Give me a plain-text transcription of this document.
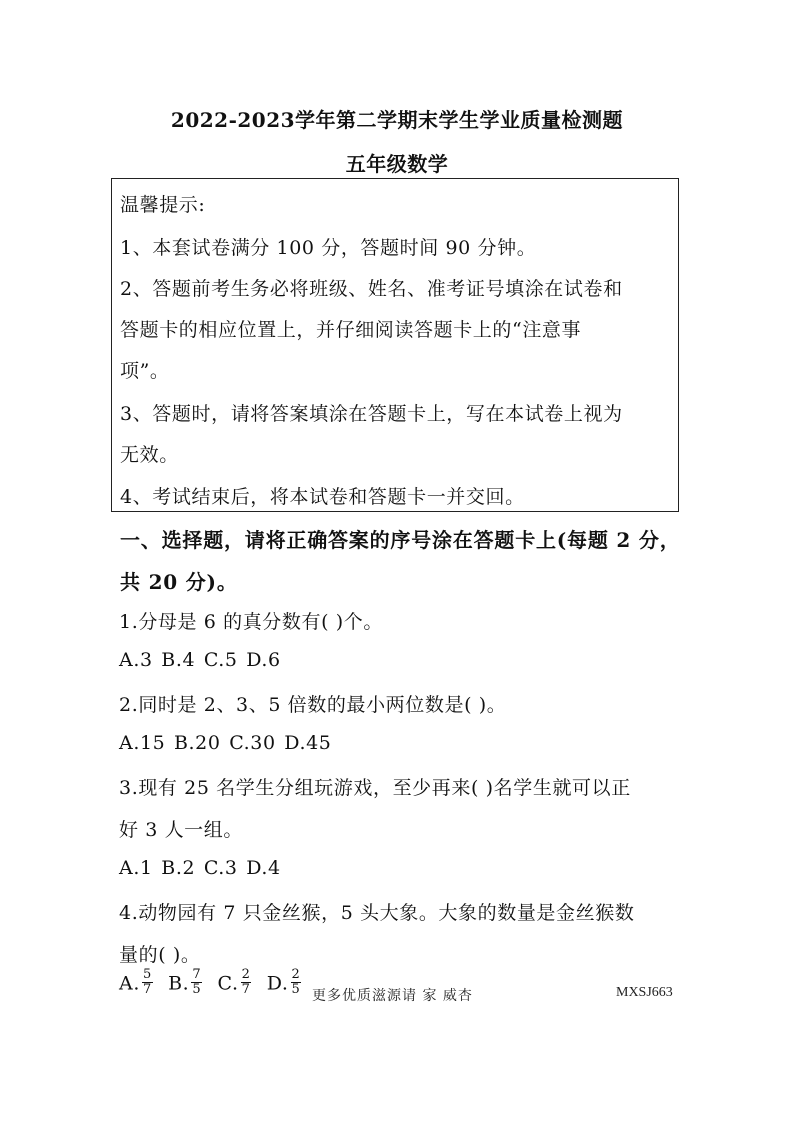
2022-2023学年第二学期末学生学业质量检测题
五年级数学
温馨提示:
1、本套试卷满分 100 分，答题时间 90 分钟。
2、答题前考生务必将班级、姓名、准考证号填涂在试卷和
答题卡的相应位置上，并仔细阅读答题卡上的“注意事
项”。
3、答题时，请将答案填涂在答题卡上，写在本试卷上视为
无效。
4、考试结束后，将本试卷和答题卡一并交回。
一、选择题，请将正确答案的序号涂在答题卡上(每题 2 分，
共 20 分)。
1.分母是 6 的真分数有( )个。
A.3 B.4 C.5 D.6
2.同时是 2、3、5 倍数的最小两位数是( )。
A.15 B.20 C.30 D.45
3.现有 25 名学生分组玩游戏，至少再来( )名学生就可以正
好 3 人一组。
A.1 B.2 C.3 D.4
4.动物园有 7 只金丝猴，5 头大象。大象的数量是金丝猴数
量的( )。
A. $\frac{5}{7} B$. $\frac{7}{5} C$. $\frac{2}{7} D$. $\frac{2}{5}$ 更多优质滋源请 家 威杏	MXSJ663
